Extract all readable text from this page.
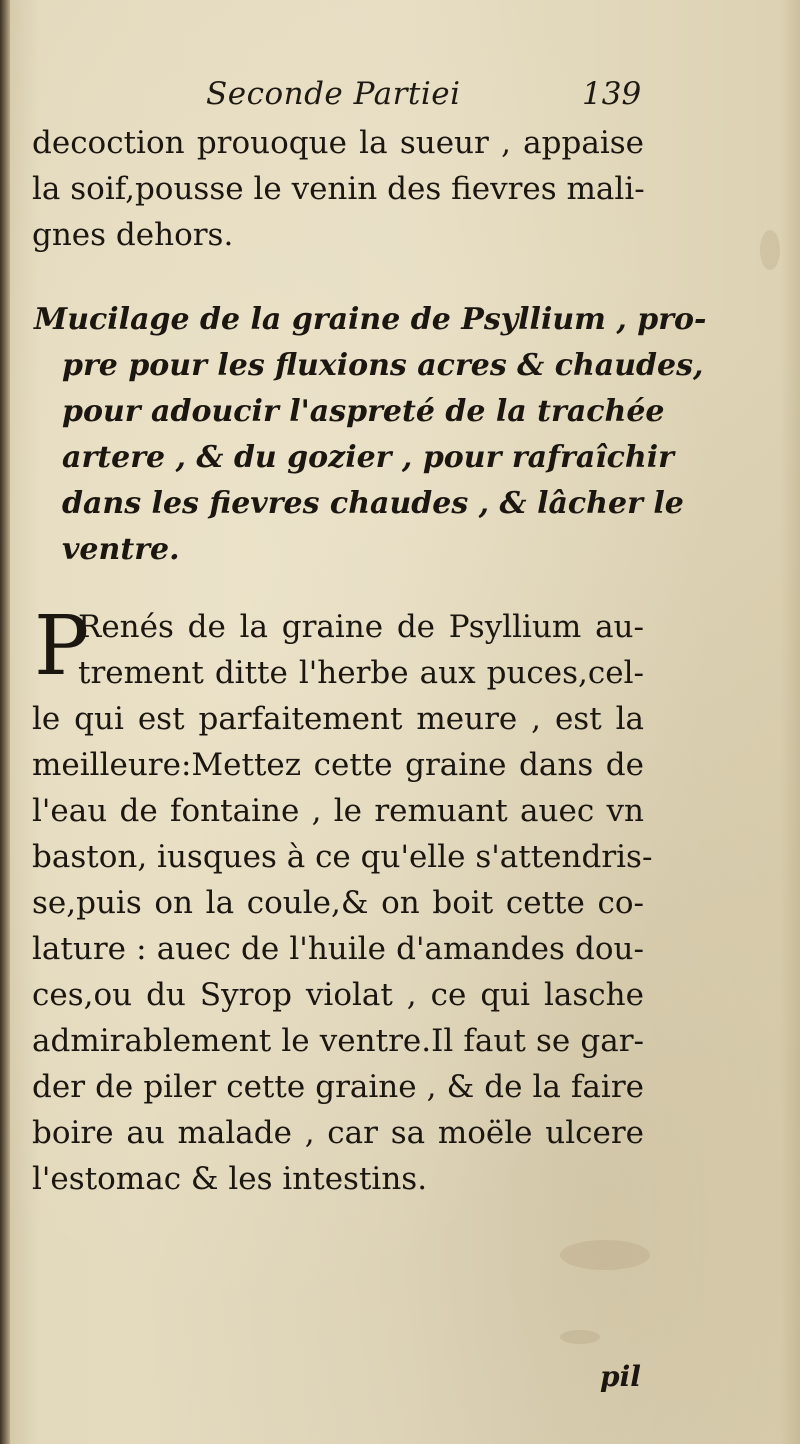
Seconde Partiei	139
decoction prouoque la sueur , appaise
la soif,pousse le venin des fievres mali-
gnes dehors.
Mucilage de la graine de Psyllium , pro-
pre pour les fluxions acres & chaudes,
pour adoucir l'aspreté de la trachée
artere , & du gozier , pour rafraîchir
dans les fievres chaudes , & lâcher le
ventre.
P
Renés de la graine de Psyllium au-
trement ditte l'herbe aux puces,cel-
le qui est parfaitement meure , est la
meilleure:Mettez cette graine dans de
l'eau de fontaine , le remuant auec vn
baston, iusques à ce qu'elle s'attendris-
se,puis on la coule,& on boit cette co-
lature : auec de l'huile d'amandes dou-
ces,ou du Syrop violat , ce qui lasche
admirablement le ventre.Il faut se gar-
der de piler cette graine , & de la faire
boire au malade , car sa moële ulcere
l'estomac & les intestins.
pil
